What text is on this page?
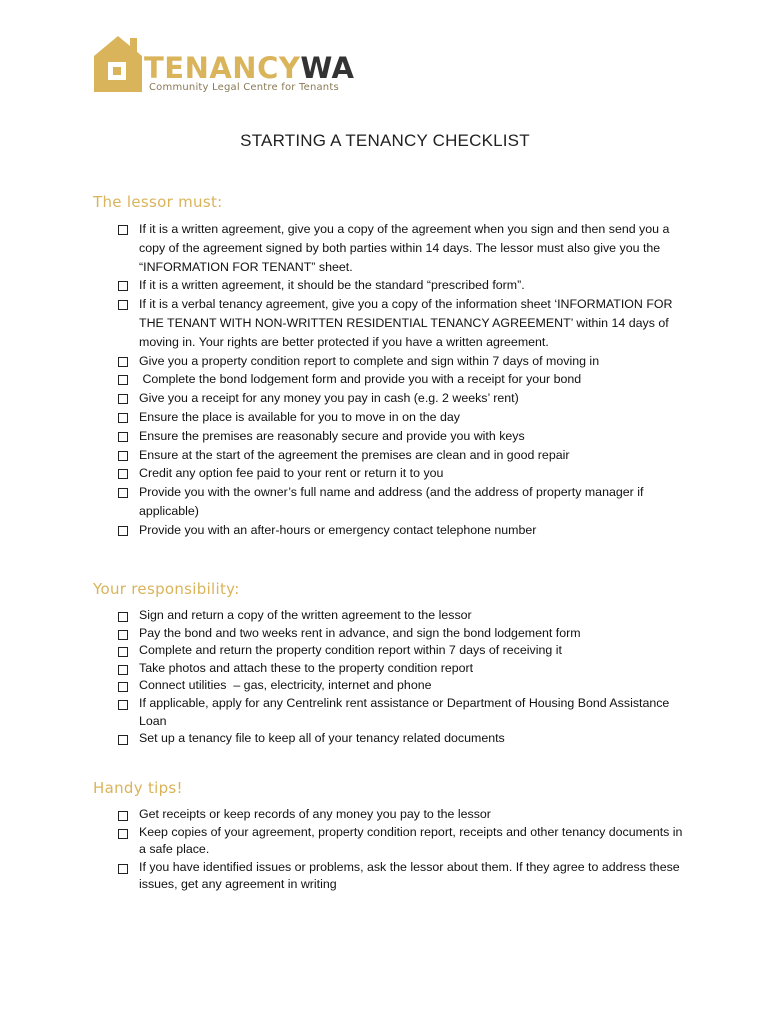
TENANCYWA
Community Legal Centre for Tenants
STARTING A TENANCY CHECKLIST
The lessor must:
If it is a written agreement, give you a copy of the agreement when you sign and then send you a copy of the agreement signed by both parties within 14 days. The lessor must also give you the “INFORMATION FOR TENANT” sheet.
If it is a written agreement, it should be the standard “prescribed form”.
If it is a verbal tenancy agreement, give you a copy of the information sheet ‘INFORMATION FOR THE TENANT WITH NON-WRITTEN RESIDENTIAL TENANCY AGREEMENT’ within 14 days of moving in. Your rights are better protected if you have a written agreement.
Give you a property condition report to complete and sign within 7 days of moving in
Complete the bond lodgement form and provide you with a receipt for your bond
Give you a receipt for any money you pay in cash (e.g. 2 weeks’ rent)
Ensure the place is available for you to move in on the day
Ensure the premises are reasonably secure and provide you with keys
Ensure at the start of the agreement the premises are clean and in good repair
Credit any option fee paid to your rent or return it to you
Provide you with the owner’s full name and address (and the address of property manager if applicable)
Provide you with an after-hours or emergency contact telephone number
Your responsibility:
Sign and return a copy of the written agreement to the lessor
Pay the bond and two weeks rent in advance, and sign the bond lodgement form
Complete and return the property condition report within 7 days of receiving it
Take photos and attach these to the property condition report
Connect utilities  – gas, electricity, internet and phone
If applicable, apply for any Centrelink rent assistance or Department of Housing Bond Assistance Loan
Set up a tenancy file to keep all of your tenancy related documents
Handy tips!
Get receipts or keep records of any money you pay to the lessor
Keep copies of your agreement, property condition report, receipts and other tenancy documents in a safe place.
If you have identified issues or problems, ask the lessor about them. If they agree to address these issues, get any agreement in writing
